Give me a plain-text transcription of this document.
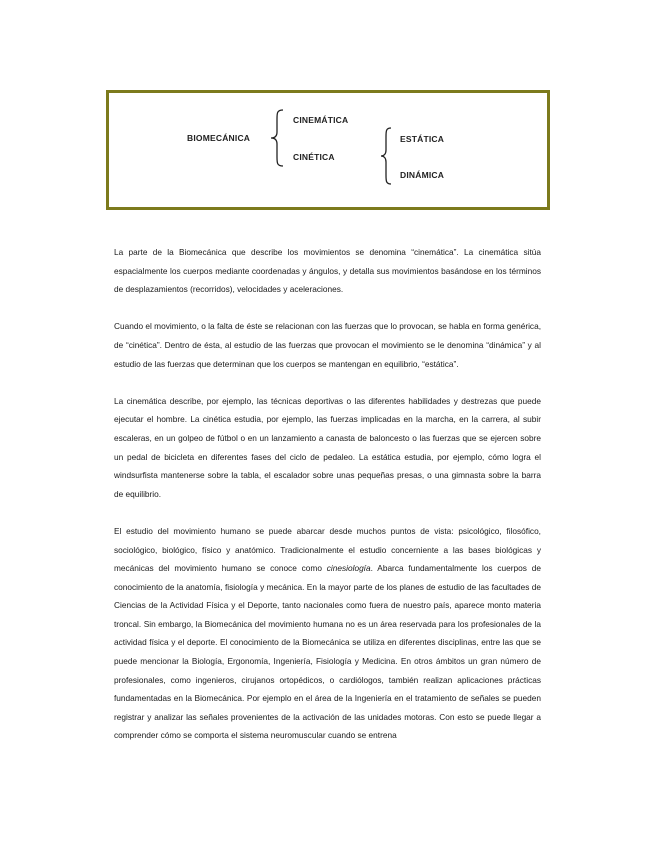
BIOMECÁNICA
CINEMÁTICA
CINÉTICA
ESTÁTICA
DINÁMICA

La parte de la Biomecánica que describe los movimientos se denomina “cinemática”. La cinemática sitúa espacialmente los cuerpos mediante coordenadas y ángulos, y detalla sus movimientos basándose en los términos de desplazamientos (recorridos), velocidades y aceleraciones.

Cuando el movimiento, o la falta de éste se relacionan con las fuerzas que lo provocan, se habla en forma genérica, de “cinética”. Dentro de ésta, al estudio de las fuerzas que provocan el movimiento se le denomina “dinámica” y al estudio de las fuerzas que determinan que los cuerpos se mantengan en equilibrio, “estática”.

La cinemática describe, por ejemplo, las técnicas deportivas o las diferentes habilidades y destrezas que puede ejecutar el hombre. La cinética estudia, por ejemplo, las fuerzas implicadas en la marcha, en la carrera, al subir escaleras, en un golpeo de fútbol o en un lanzamiento a canasta de baloncesto o las fuerzas que se ejercen sobre un pedal de bicicleta en diferentes fases del ciclo de pedaleo. La estática estudia, por ejemplo, cómo logra el windsurfista mantenerse sobre la tabla, el escalador sobre unas pequeñas presas, o una gimnasta sobre la barra de equilibrio.

El estudio del movimiento humano se puede abarcar desde muchos puntos de vista: psicológico, filosófico, sociológico, biológico, físico y anatómico. Tradicionalmente el estudio concerniente a las bases biológicas y mecánicas del movimiento humano se conoce como cinesiología. Abarca fundamentalmente los cuerpos de conocimiento de la anatomía, fisiología y mecánica. En la mayor parte de los planes de estudio de las facultades de Ciencias de la Actividad Física y el Deporte, tanto nacionales como fuera de nuestro país, aparece monto materia troncal. Sin embargo, la Biomecánica del movimiento humana no es un área reservada para los profesionales de la actividad física y el deporte. El conocimiento de la Biomecánica se utiliza en diferentes disciplinas, entre las que se puede mencionar la Biología, Ergonomía, Ingeniería, Fisiología y Medicina. En otros ámbitos un gran número de profesionales, como ingenieros, cirujanos ortopédicos, o cardiólogos, también realizan aplicaciones prácticas fundamentadas en la Biomecánica. Por ejemplo en el área de la Ingeniería en el tratamiento de señales se pueden registrar y analizar las señales provenientes de la activación de las unidades motoras. Con esto se puede llegar a comprender cómo se comporta el sistema neuromuscular cuando se entrena
